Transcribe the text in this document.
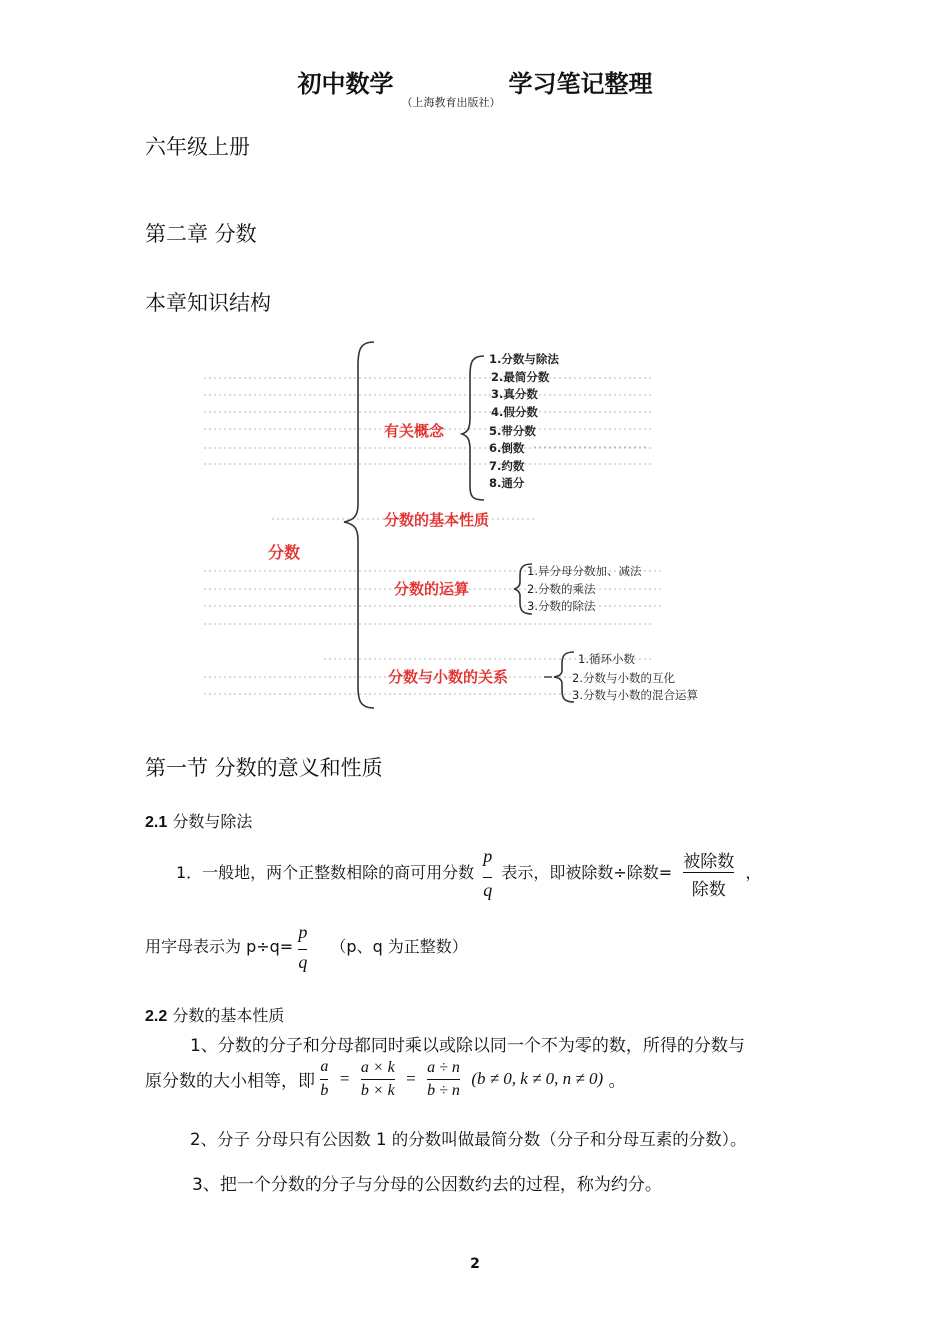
初中数学（上海教育出版社）学习笔记整理
六年级上册
第二章 分数
本章知识结构
分数
有关概念
分数的基本性质
分数的运算
分数与小数的关系
1.分数与除法
2.最简分数
3.真分数
4.假分数
5.带分数
6.倒数
7.约数
8.通分
1.异分母分数加、减法
2.分数的乘法
3.分数的除法
1.循环小数
2.分数与小数的互化
3.分数与小数的混合运算
第一节 分数的意义和性质
2.1 分数与除法
1．一般地，两个正整数相除的商可用分数 $\frac{p}{q}$ 表示，即被除数÷除数= $\frac{\text{被除数}}{\text{除数}}$ ，
用字母表示为 $p\div q= \frac{p}{q} (p$、q 为正整数）
2.2 分数的基本性质
1、分数的分子和分母都同时乘以或除以同一个不为零的数，所得的分数与
原分数的大小相等，即 $\frac{a}{b} = \frac{a \times k}{b \times k} = \frac{a \div n}{b \div n} (b \ne 0$, k ≠ 0, n ≠ 0) 。
2、分子 分母只有公因数 1 的分数叫做最简分数（分子和分母互素的分数）。
3、把一个分数的分子与分母的公因数约去的过程，称为约分。
2
